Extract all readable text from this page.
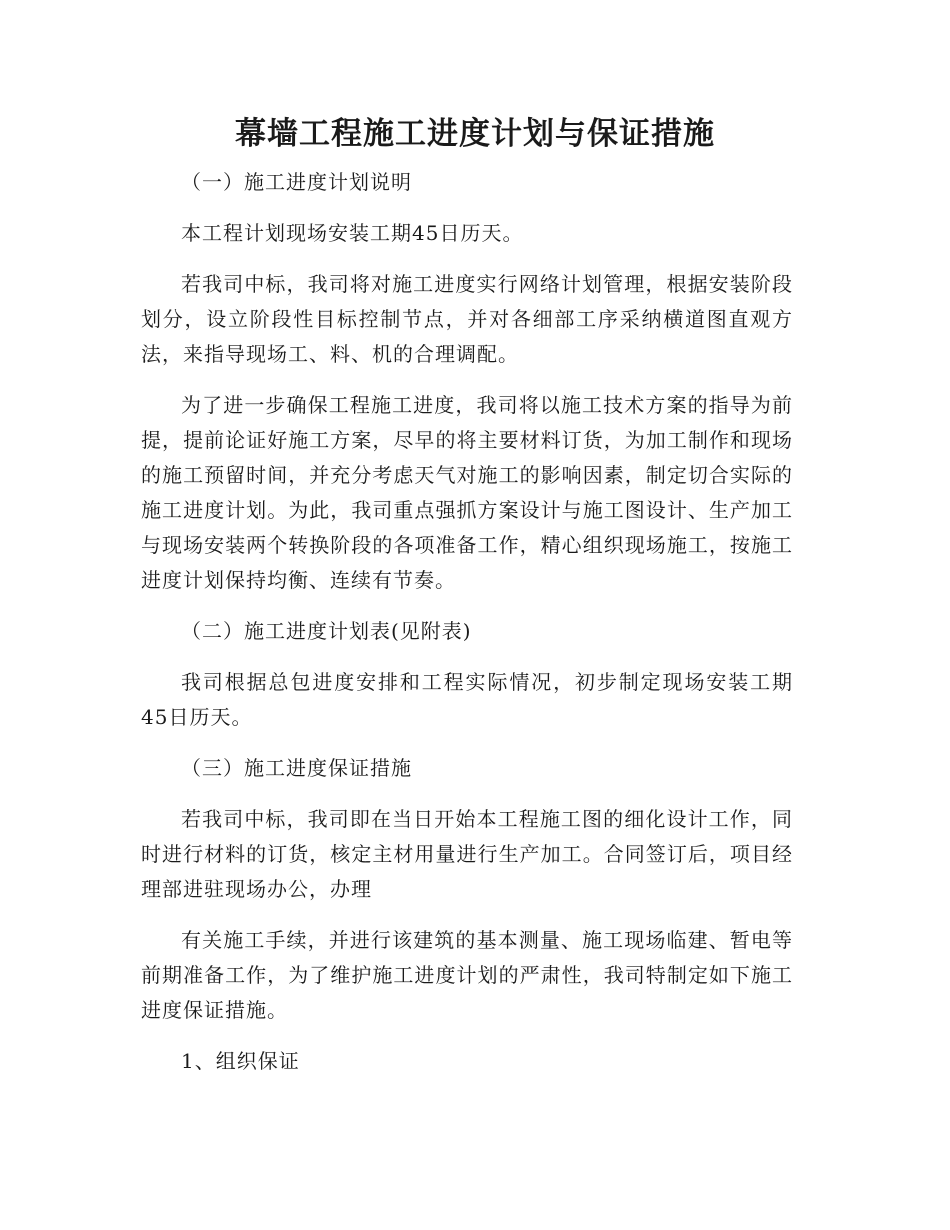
幕墙工程施工进度计划与保证措施

（一）施工进度计划说明

本工程计划现场安装工期45日历天。

若我司中标，我司将对施工进度实行网络计划管理，根据安装阶段划分，设立阶段性目标控制节点，并对各细部工序采纳横道图直观方法，来指导现场工、料、机的合理调配。

为了进一步确保工程施工进度，我司将以施工技术方案的指导为前提，提前论证好施工方案，尽早的将主要材料订货，为加工制作和现场的施工预留时间，并充分考虑天气对施工的影响因素，制定切合实际的施工进度计划。为此，我司重点强抓方案设计与施工图设计、生产加工与现场安装两个转换阶段的各项准备工作，精心组织现场施工，按施工进度计划保持均衡、连续有节奏。

（二）施工进度计划表(见附表)

我司根据总包进度安排和工程实际情况，初步制定现场安装工期45日历天。

（三）施工进度保证措施

若我司中标，我司即在当日开始本工程施工图的细化设计工作，同时进行材料的订货，核定主材用量进行生产加工。合同签订后，项目经理部进驻现场办公，办理

有关施工手续，并进行该建筑的基本测量、施工现场临建、暂电等前期准备工作，为了维护施工进度计划的严肃性，我司特制定如下施工进度保证措施。

1、组织保证
